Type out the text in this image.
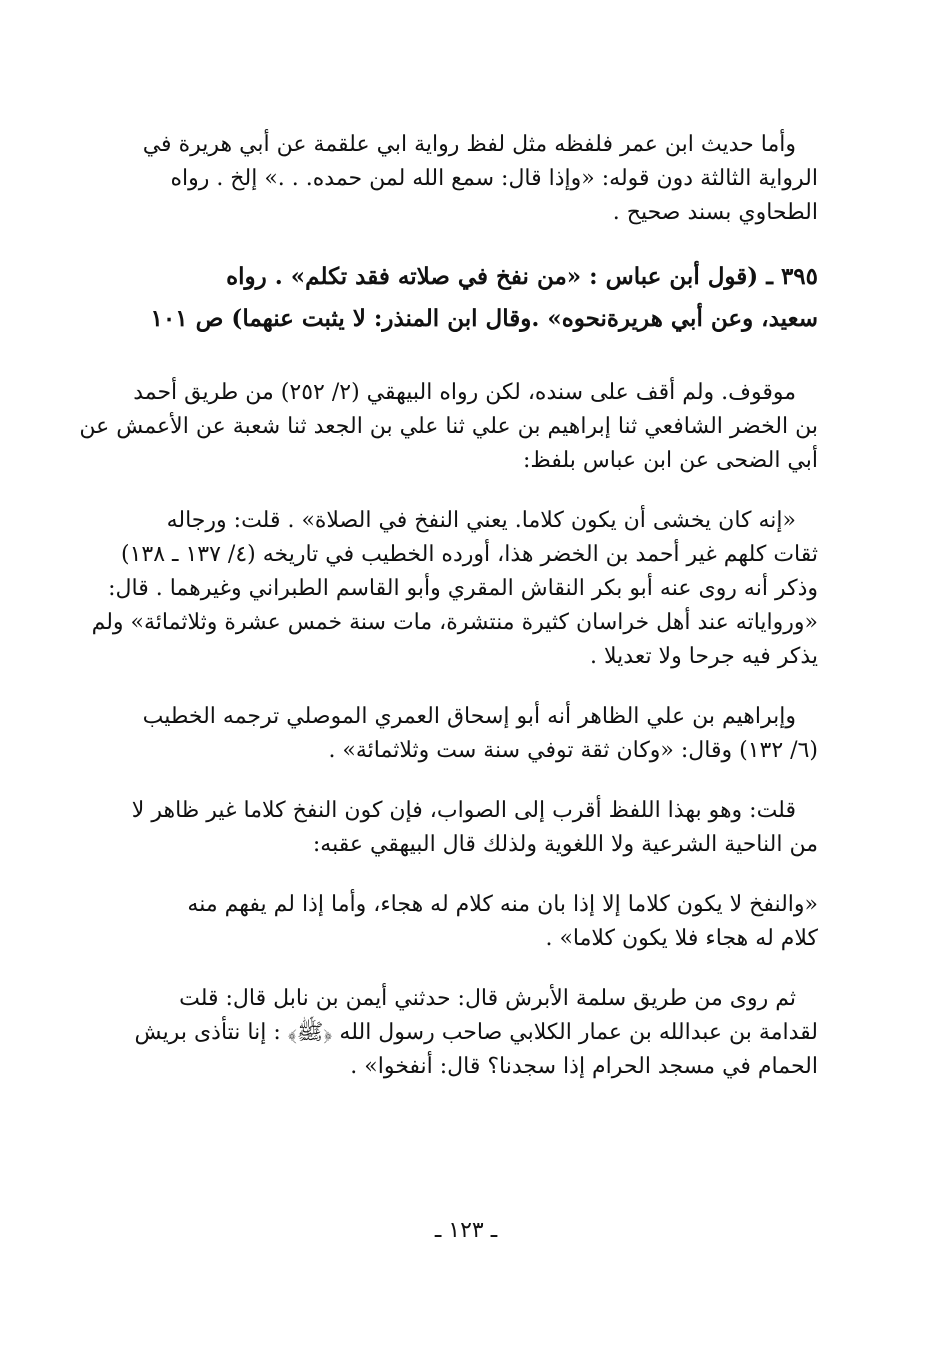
وأما حديث ابن عمر فلفظه مثل لفظ رواية ابي علقمة عن أبي هريرة في
الرواية الثالثة دون قوله: «وإذا قال: سمع الله لمن حمده. . .» إلخ . رواه
الطحاوي بسند صحيح .
٣٩٥ ـ (قول أبن عباس : «من نفخ في صلاته فقد تكلم» . رواه
سعيد، وعن أبي هريرةنحوه» .وقال ابن المنذر: لا يثبت عنهما) ص ١٠١
موقوف. ولم أقف على سنده، لكن رواه البيهقي (٢/ ٢٥٢) من طريق أحمد
بن الخضر الشافعي ثنا إبراهيم بن علي ثنا علي بن الجعد ثنا شعبة عن الأعمش عن
أبي الضحى عن ابن عباس بلفظ:
«إنه كان يخشى أن يكون كلاما. يعني النفخ في الصلاة» . قلت: ورجاله
ثقات كلهم غير أحمد بن الخضر هذا، أورده الخطيب في تاريخه (٤/ ١٣٧ ـ ١٣٨)
وذكر أنه روى عنه أبو بكر النقاش المقري وأبو القاسم الطبراني وغيرهما . قال:
«ورواياته عند أهل خراسان كثيرة منتشرة، مات سنة خمس عشرة وثلاثمائة» ولم
يذكر فيه جرحا ولا تعديلا .
وإبراهيم بن علي الظاهر أنه أبو إسحاق العمري الموصلي ترجمه الخطيب
(٦/ ١٣٢) وقال: «وكان ثقة توفي سنة ست وثلاثمائة» .
قلت: وهو بهذا اللفظ أقرب إلى الصواب، فإن كون النفخ كلاما غير ظاهر لا
من الناحية الشرعية ولا اللغوية ولذلك قال البيهقي عقبه:
«والنفخ لا يكون كلاما إلا إذا بان منه كلام له هجاء، وأما إذا لم يفهم منه
كلام له هجاء فلا يكون كلاما» .
ثم روى من طريق سلمة الأبرش قال: حدثني أيمن بن نابل قال: قلت
لقدامة بن عبدالله بن عمار الكلابي صاحب رسول الله ﴿ﷺ﴾ : إنا نتأذى بريش
الحمام في مسجد الحرام إذا سجدنا؟ قال: أنفخوا» .
ـ ١٢٣ ـ
